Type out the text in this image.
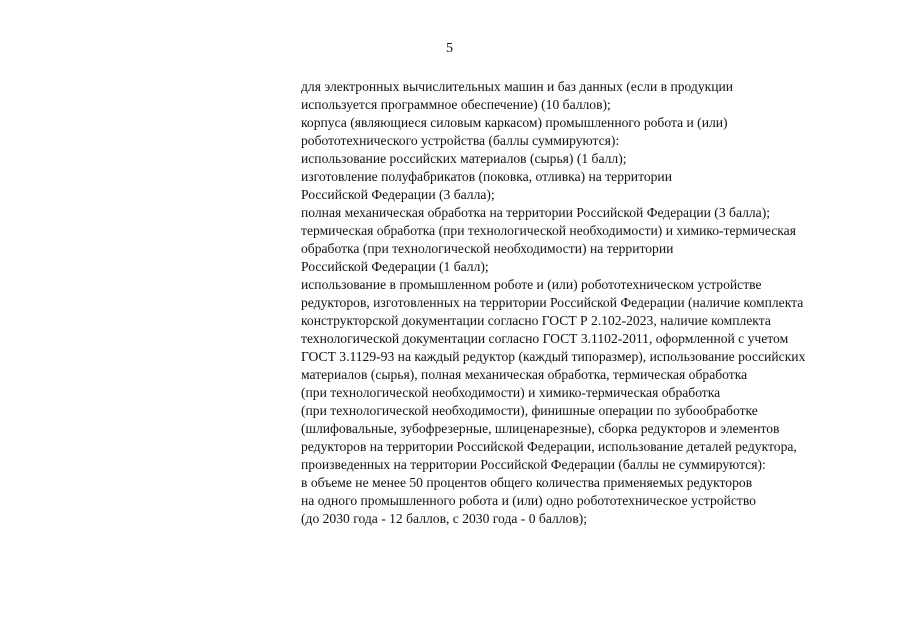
5
для электронных вычислительных машин и баз данных (если в продукции
используется программное обеспечение) (10 баллов);
корпуса (являющиеся силовым каркасом) промышленного робота и (или)
робототехнического устройства (баллы суммируются):
использование российских материалов (сырья) (1 балл);
изготовление полуфабрикатов (поковка, отливка) на территории
Российской Федерации (3 балла);
полная механическая обработка на территории Российской Федерации (3 балла);
термическая обработка (при технологической необходимости) и химико-термическая
обработка (при технологической необходимости) на территории
Российской Федерации (1 балл);
использование в промышленном роботе и (или) робототехническом устройстве
редукторов, изготовленных на территории Российской Федерации (наличие комплекта
конструкторской документации согласно ГОСТ Р 2.102-2023, наличие комплекта
технологической документации согласно ГОСТ 3.1102-2011, оформленной с учетом
ГОСТ 3.1129-93 на каждый редуктор (каждый типоразмер), использование российских
материалов (сырья), полная механическая обработка, термическая обработка
(при технологической необходимости) и химико-термическая обработка
(при технологической необходимости), финишные операции по зубообработке
(шлифовальные, зубофрезерные, шлиценарезные), сборка редукторов и элементов
редукторов на территории Российской Федерации, использование деталей редуктора,
произведенных на территории Российской Федерации (баллы не суммируются):
в объеме не менее 50 процентов общего количества применяемых редукторов
на одного промышленного робота и (или) одно робототехническое устройство
(до 2030 года - 12 баллов, с 2030 года - 0 баллов);
